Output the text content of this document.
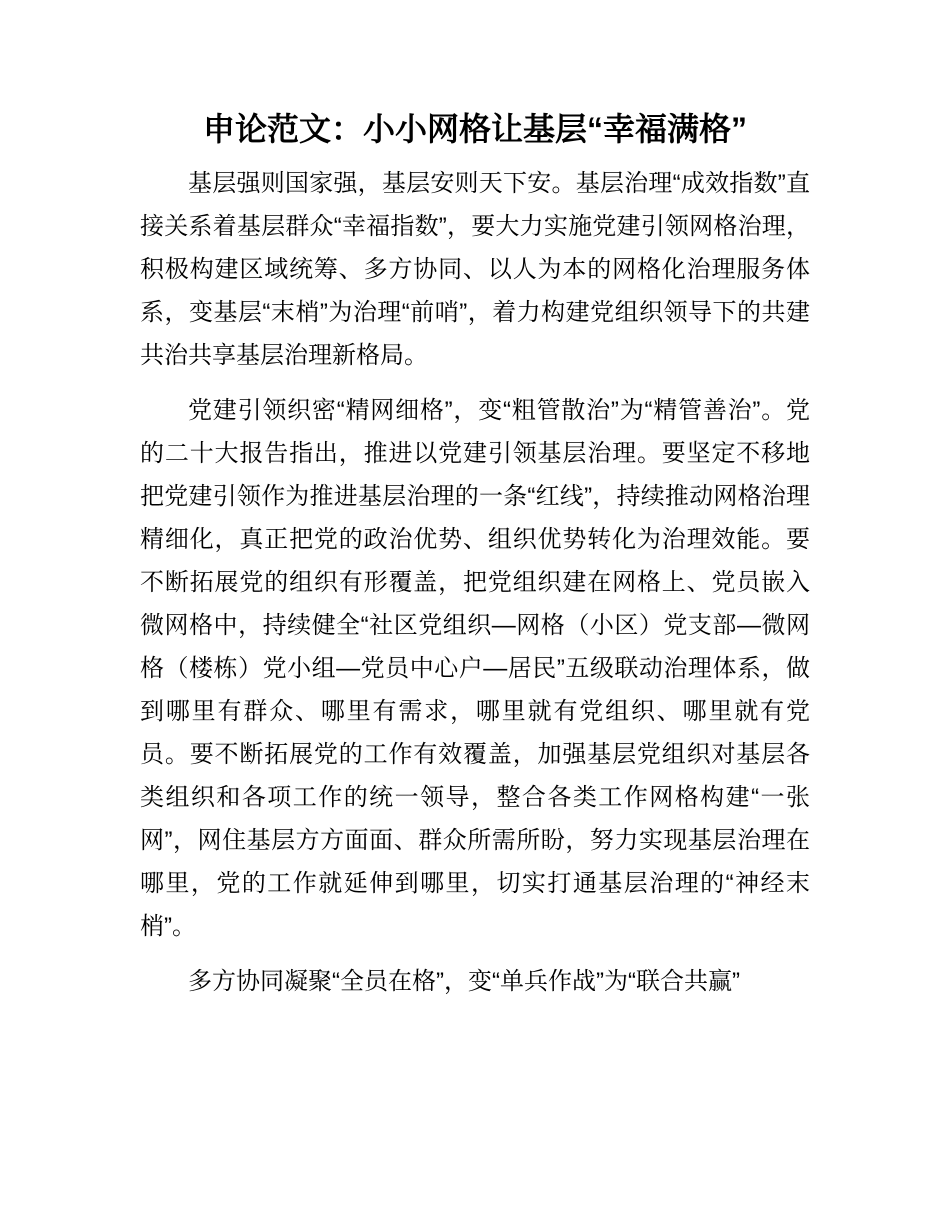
申论范文：小小网格让基层“幸福满格”

基层强则国家强，基层安则天下安。基层治理“成效指数”直接关系着基层群众“幸福指数”，要大力实施党建引领网格治理，积极构建区域统筹、多方协同、以人为本的网格化治理服务体系，变基层“末梢”为治理“前哨”，着力构建党组织领导下的共建共治共享基层治理新格局。

党建引领织密“精网细格”，变“粗管散治”为“精管善治”。党的二十大报告指出，推进以党建引领基层治理。要坚定不移地把党建引领作为推进基层治理的一条“红线”，持续推动网格治理精细化，真正把党的政治优势、组织优势转化为治理效能。要不断拓展党的组织有形覆盖，把党组织建在网格上、党员嵌入微网格中，持续健全“社区党组织—网格（小区）党支部—微网格（楼栋）党小组—党员中心户—居民”五级联动治理体系，做到哪里有群众、哪里有需求，哪里就有党组织、哪里就有党员。要不断拓展党的工作有效覆盖，加强基层党组织对基层各类组织和各项工作的统一领导，整合各类工作网格构建“一张网”，网住基层方方面面、群众所需所盼，努力实现基层治理在哪里，党的工作就延伸到哪里，切实打通基层治理的“神经末梢”。

多方协同凝聚“全员在格”，变“单兵作战”为“联合共赢”
